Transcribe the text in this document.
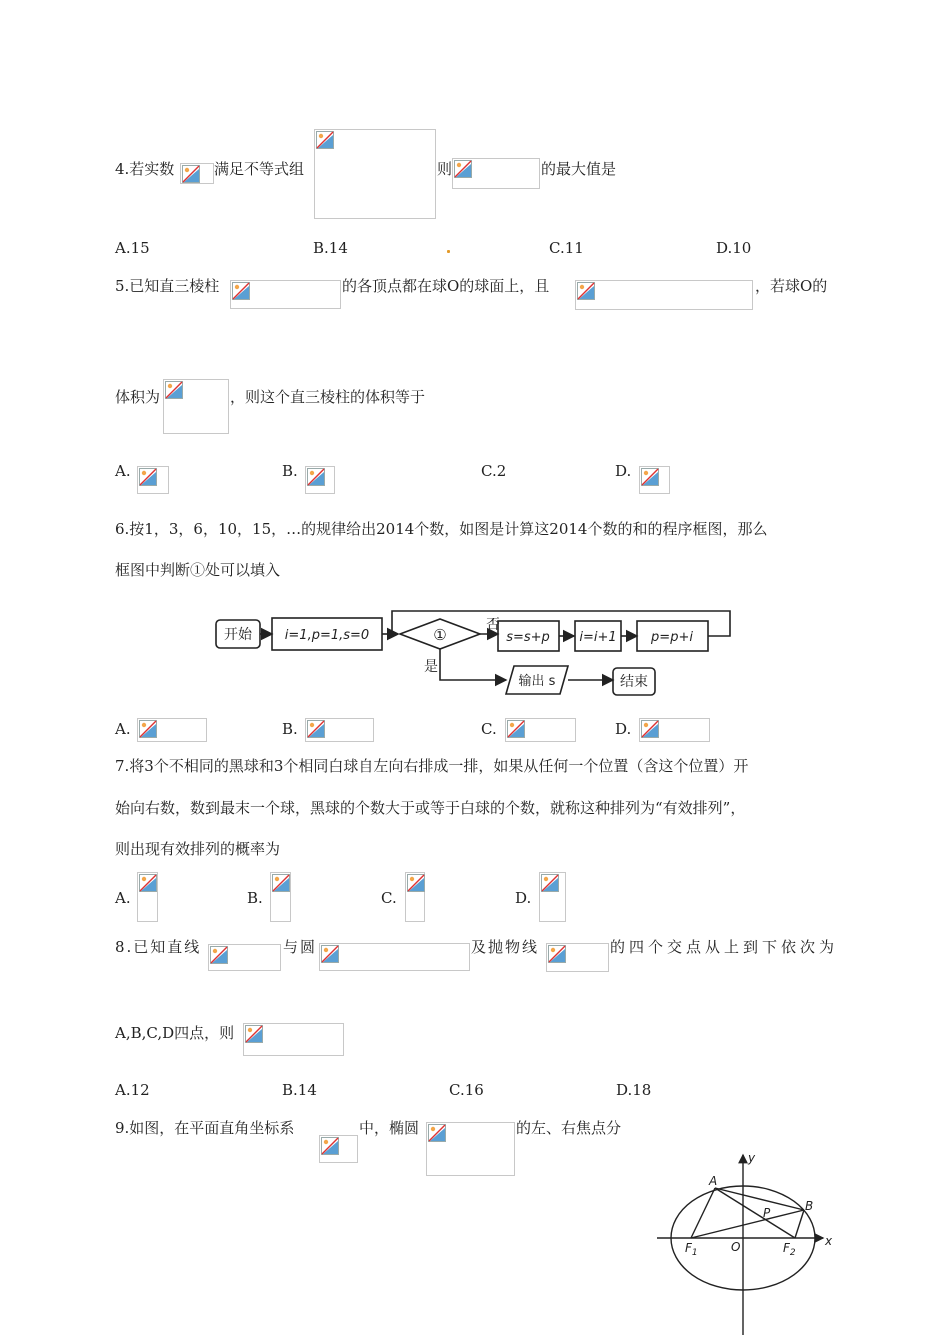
4.若实数	满足不等式组	则	的最大值是
A.15	B.14	C.11	D.10
5.已知直三棱柱	的各顶点都在球O的球面上，且	，若球O的
体积为	，则这个直三棱柱的体积等于
A.	B.	C.2	D.
6.按1，3，6，10，15，…的规律给出2014个数，如图是计算这2014个数的和的程序框图，那么
框图中判断①处可以填入
开始	i=1,p=1,s=0	①
否
是
s=s+p i=i+1	p=p+i
输出 s	结束
A.	B.	C.	D.
7.将3个不相同的黑球和3个相同白球自左向右排成一排，如果从任何一个位置（含这个位置）开
始向右数，数到最末一个球，黑球的个数大于或等于白球的个数，就称这种排列为“有效排列”，
则出现有效排列的概率为
A.	B.	C.	D.
8.已知直线	与圆	及抛物线	的四个交点从上到下依次为
A,B,C,D四点，则
A.12	B.14	C.16	D.18
9.如图，在平面直角坐标系	中，椭圆	的左、右焦点分
y
x
A
B
P
O
$F_1$	$F_2$
